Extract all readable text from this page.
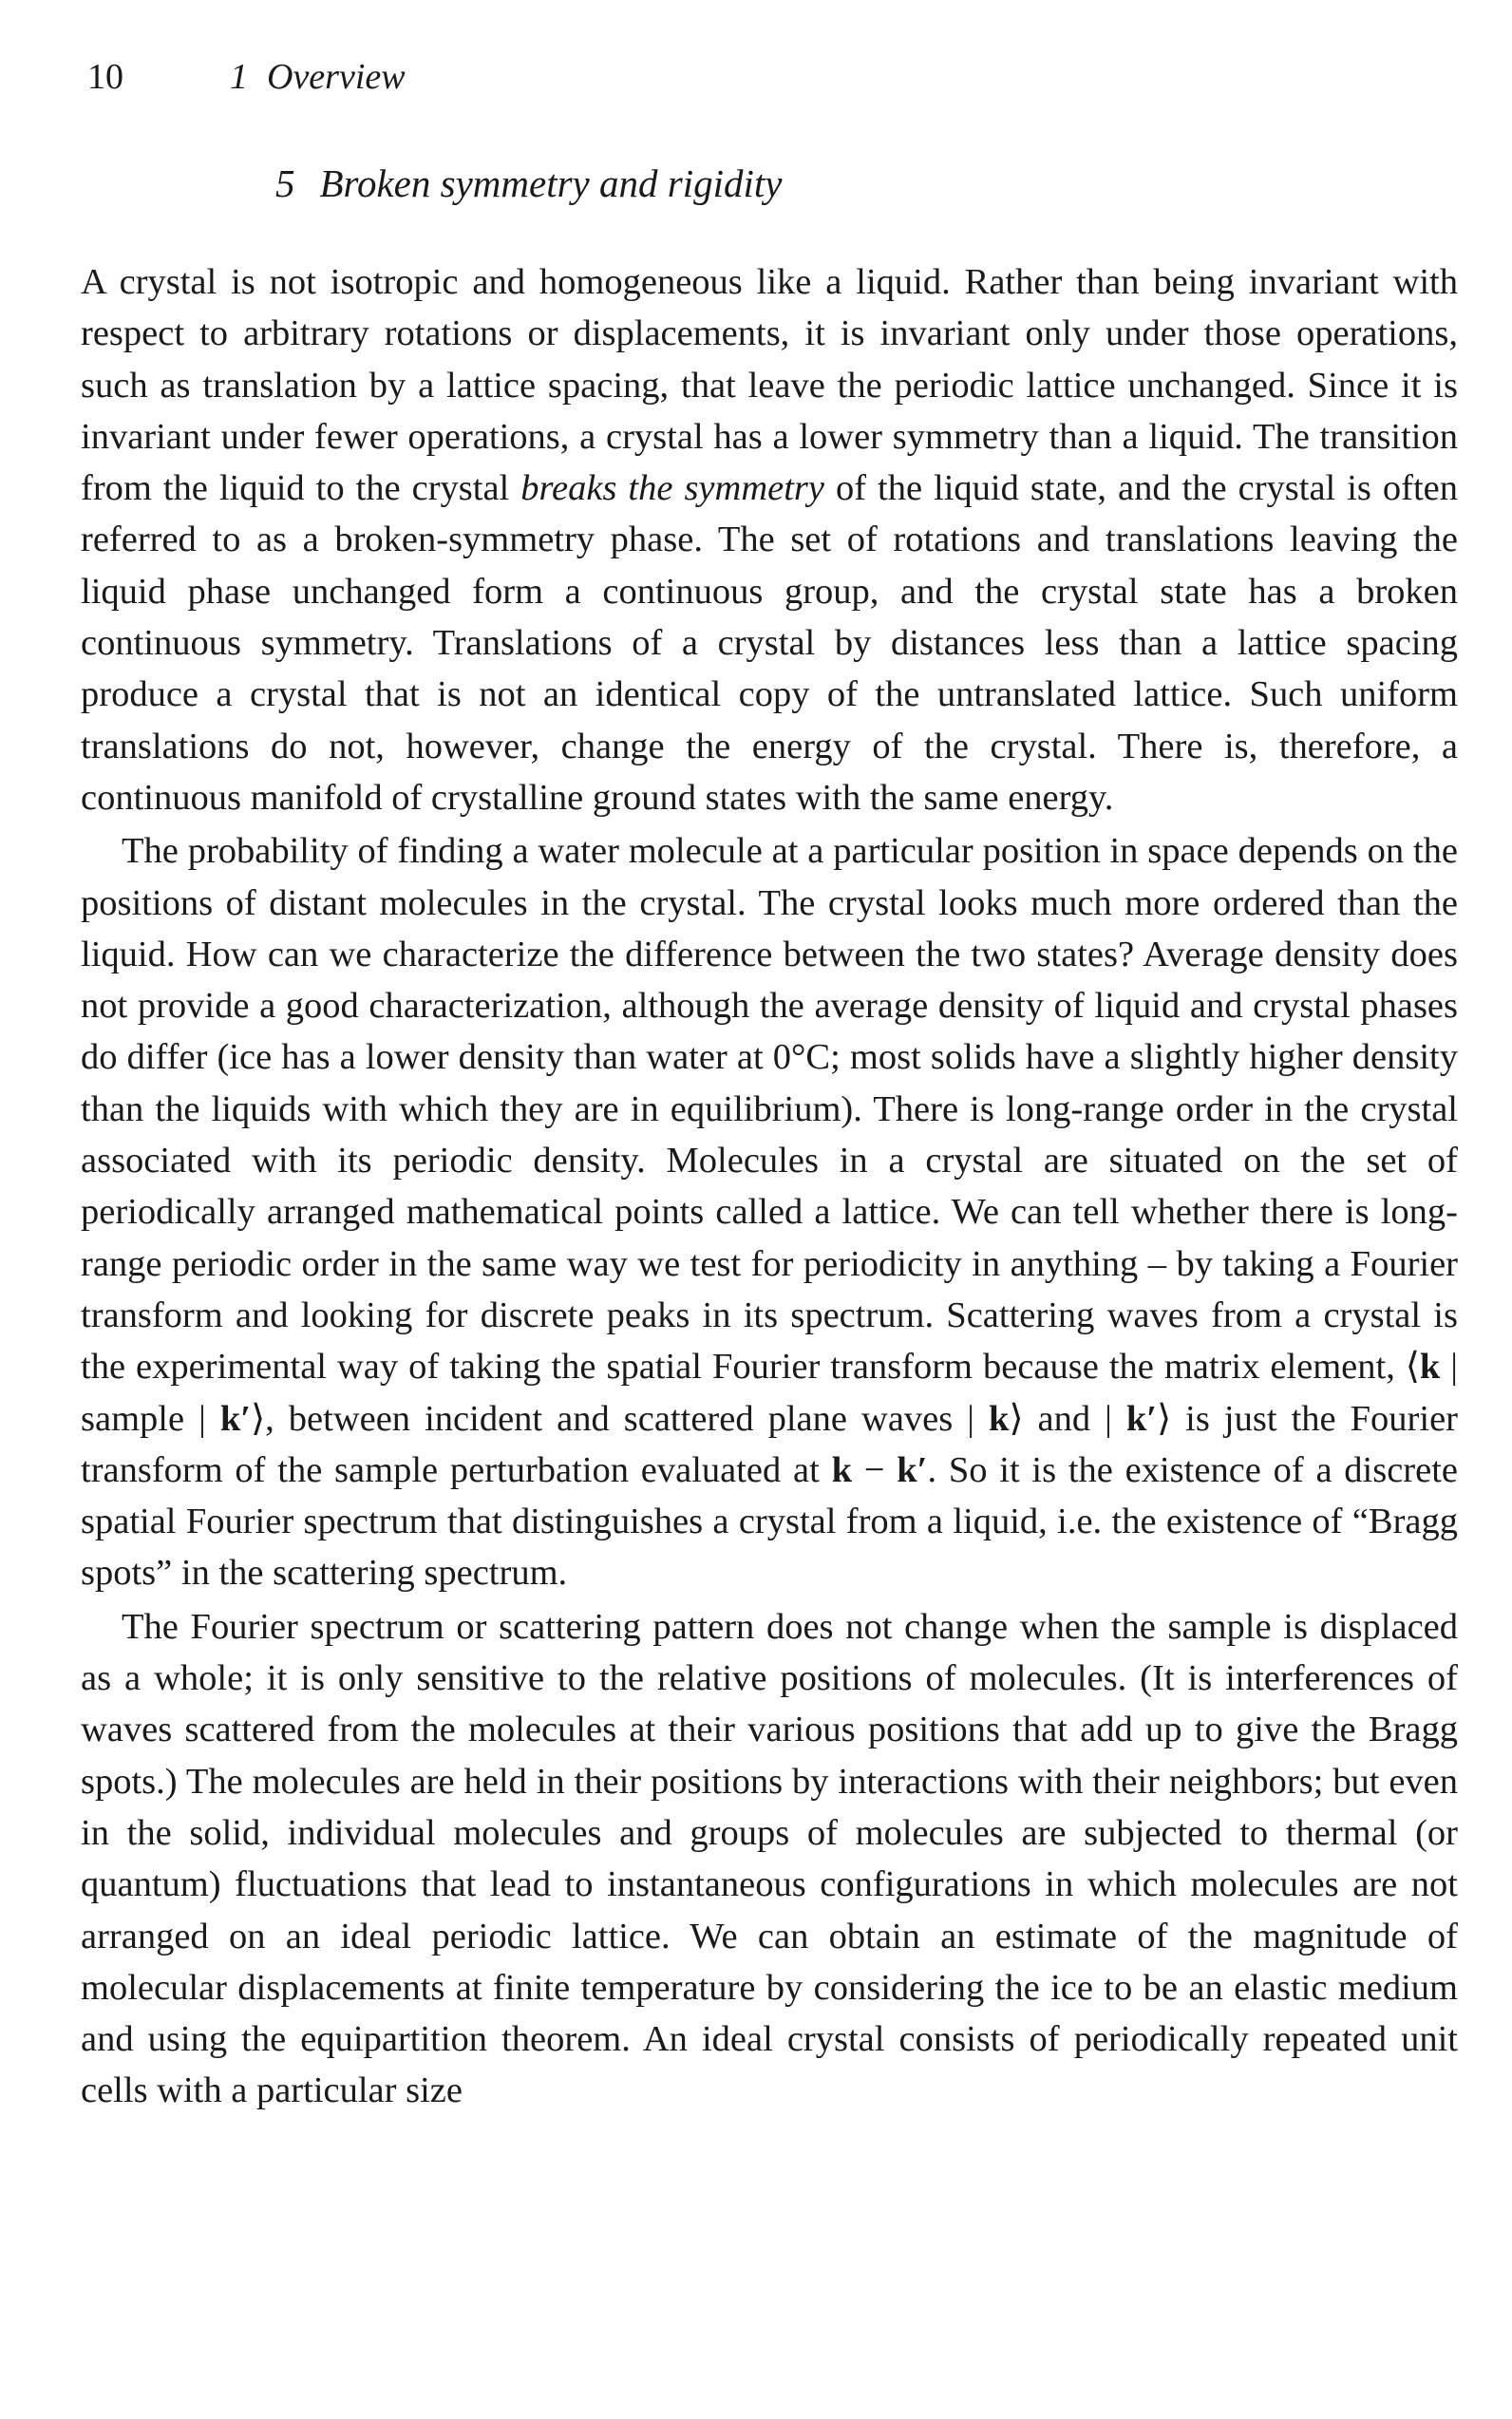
10	1 Overview
5 Broken symmetry and rigidity

A crystal is not isotropic and homogeneous like a liquid. Rather than being invariant with respect to arbitrary rotations or displacements, it is invariant only under those operations, such as translation by a lattice spacing, that leave the periodic lattice unchanged. Since it is invariant under fewer operations, a crystal has a lower symmetry than a liquid. The transition from the liquid to the crystal breaks the symmetry of the liquid state, and the crystal is often referred to as a broken-symmetry phase. The set of rotations and translations leaving the liquid phase unchanged form a continuous group, and the crystal state has a broken continuous symmetry. Translations of a crystal by distances less than a lattice spacing produce a crystal that is not an identical copy of the untranslated lattice. Such uniform translations do not, however, change the energy of the crystal. There is, therefore, a continuous manifold of crystalline ground states with the same energy.

The probability of finding a water molecule at a particular position in space depends on the positions of distant molecules in the crystal. The crystal looks much more ordered than the liquid. How can we characterize the difference between the two states? Average density does not provide a good characterization, although the average density of liquid and crystal phases do differ (ice has a lower density than water at 0°C; most solids have a slightly higher density than the liquids with which they are in equilibrium). There is long-range order in the crystal associated with its periodic density. Molecules in a crystal are situated on the set of periodically arranged mathematical points called a lattice. We can tell whether there is long-range periodic order in the same way we test for periodicity in anything – by taking a Fourier transform and looking for discrete peaks in its spectrum. Scattering waves from a crystal is the experimental way of taking the spatial Fourier transform because the matrix element, ⟨k | sample | k′⟩, between incident and scattered plane waves | k⟩ and | k′⟩ is just the Fourier transform of the sample perturbation evaluated at k − k′. So it is the existence of a discrete spatial Fourier spectrum that distinguishes a crystal from a liquid, i.e. the existence of “Bragg spots” in the scattering spectrum.

The Fourier spectrum or scattering pattern does not change when the sample is displaced as a whole; it is only sensitive to the relative positions of molecules. (It is interferences of waves scattered from the molecules at their various positions that add up to give the Bragg spots.) The molecules are held in their positions by interactions with their neighbors; but even in the solid, individual molecules and groups of molecules are subjected to thermal (or quantum) fluctuations that lead to instantaneous configurations in which molecules are not arranged on an ideal periodic lattice. We can obtain an estimate of the magnitude of molecular displacements at finite temperature by considering the ice to be an elastic medium and using the equipartition theorem. An ideal crystal consists of periodically repeated unit cells with a particular size
